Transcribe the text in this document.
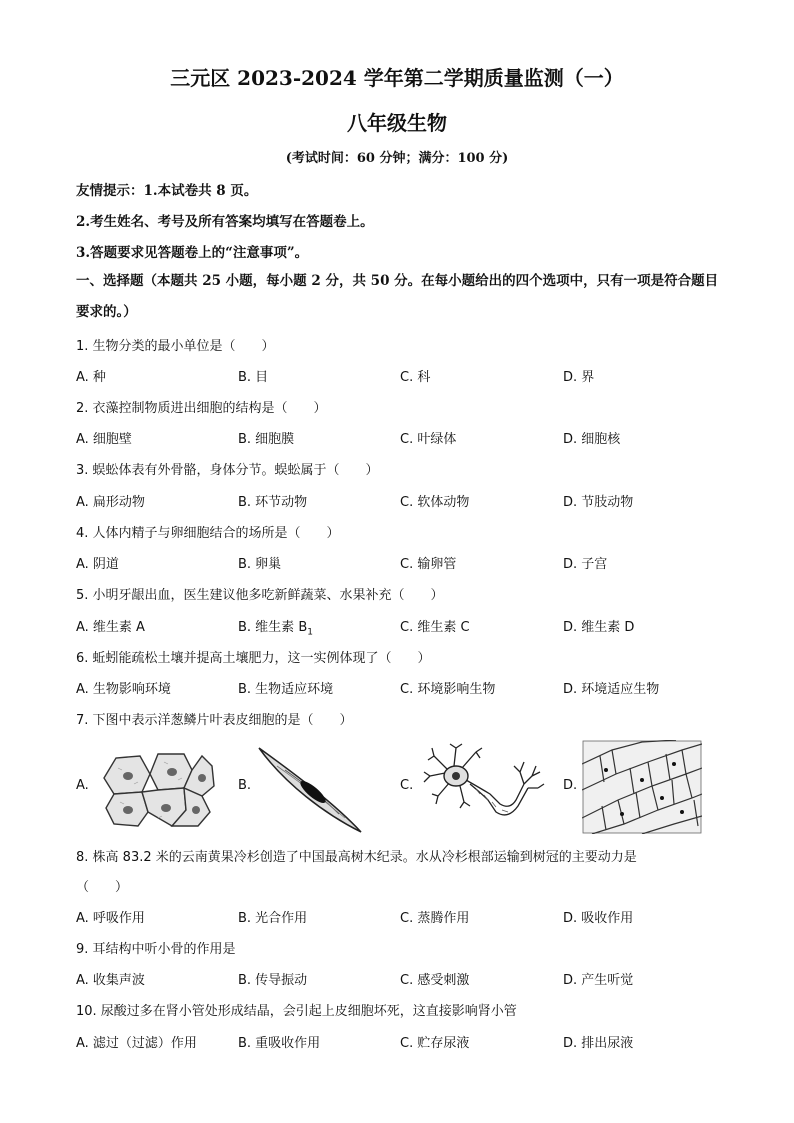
三元区 2023-2024 学年第二学期质量监测（一）
八年级生物
(考试时间：60 分钟；满分：100 分)
友情提示：1.本试卷共 8 页。
2.考生姓名、考号及所有答案均填写在答题卷上。
3.答题要求见答题卷上的“注意事项”。
一、选择题（本题共 25 小题，每小题 2 分，共 50 分。在每小题给出的四个选项中，只有一项是符合题目要求的。）
1. 生物分类的最小单位是（　　）
A. 种	B. 目	C. 科	D. 界
2. 衣藻控制物质进出细胞的结构是（　　）
A. 细胞壁	B. 细胞膜	C. 叶绿体	D. 细胞核
3. 蜈蚣体表有外骨骼，身体分节。蜈蚣属于（　　）
A. 扁形动物	B. 环节动物	C. 软体动物	D. 节肢动物
4. 人体内精子与卵细胞结合的场所是（　　）
A. 阴道	B. 卵巢	C. 输卵管	D. 子宫
5. 小明牙龈出血，医生建议他多吃新鲜蔬菜、水果补充（　　）
A. 维生素 A	B. 维生素 $B_1$	C. 维生素 C	D. 维生素 D
6. 蚯蚓能疏松土壤并提高土壤肥力，这一实例体现了（　　）
A. 生物影响环境	B. 生物适应环境	C. 环境影响生物	D. 环境适应生物
7. 下图中表示洋葱鳞片叶表皮细胞的是（　　）
A.	B.	C.	D.
8. 株高 83.2 米的云南黄果冷杉创造了中国最高树木纪录。水从冷杉根部运输到树冠的主要动力是
（　　）
A. 呼吸作用	B. 光合作用	C. 蒸腾作用	D. 吸收作用
9. 耳结构中听小骨的作用是
A. 收集声波	B. 传导振动	C. 感受刺激	D. 产生听觉
10. 尿酸过多在肾小管处形成结晶，会引起上皮细胞坏死，这直接影响肾小管
A. 滤过（过滤）作用	B. 重吸收作用	C. 贮存尿液	D. 排出尿液
